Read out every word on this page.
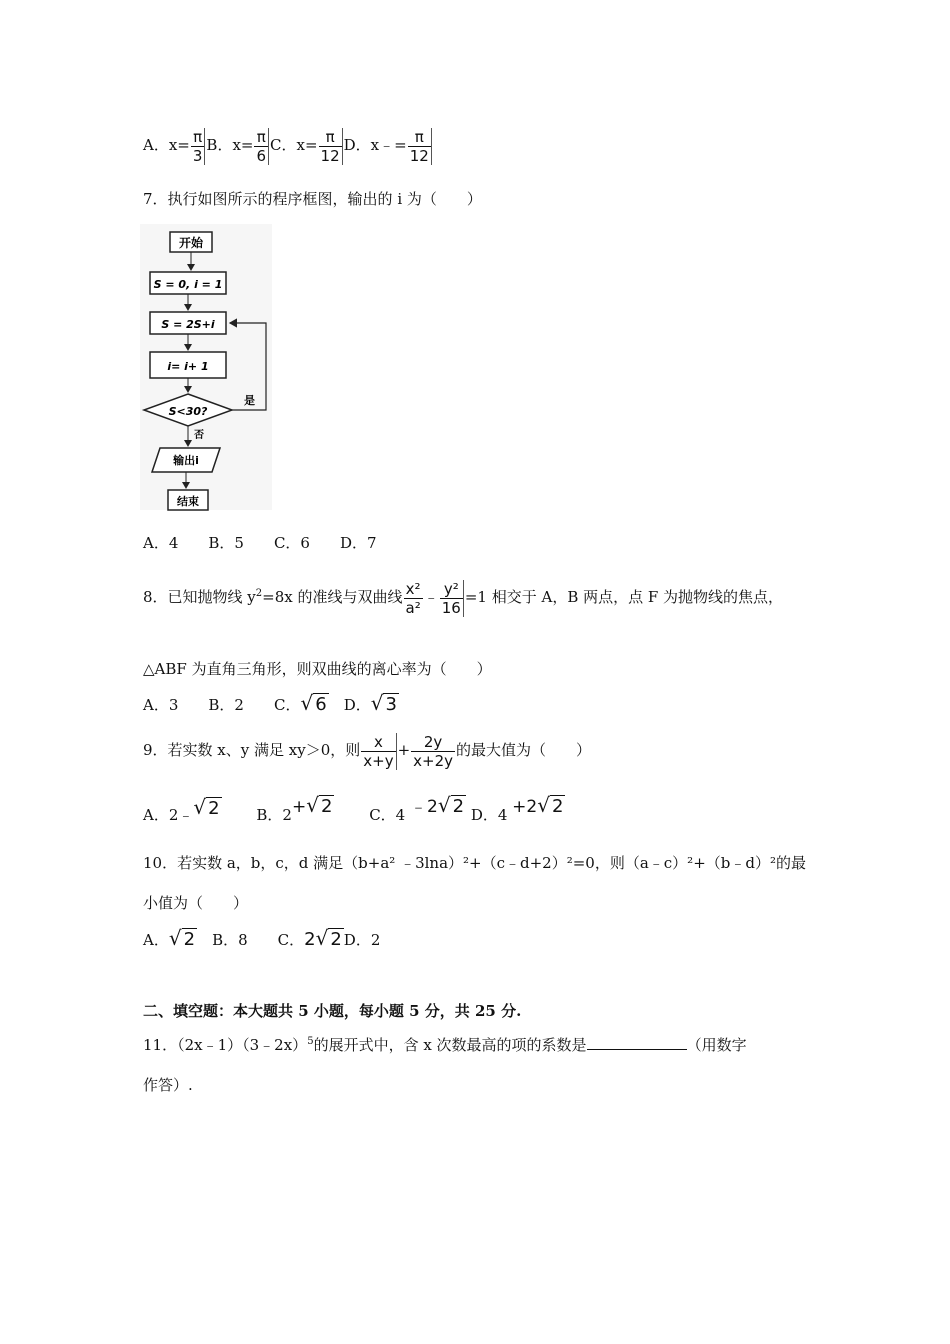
A．$x= \frac{\pi}{3}$ B．$x= \frac{\pi}{6}$ C．$x= \frac{\pi}{12}$ D．x﹣= $\frac{\pi}{12}$
7．执行如图所示的程序框图，输出的 i 为（　　）
开始
S = 0, i = 1
S = 2S+i
i= i+ 1
S<30?
是
否
输出i
结束
A．4　　B．5　　C．6　　D．7
8．已知抛物线 $y^2=8x$ 的准线与双曲线 $\frac{\text{x²}}{\text{a²}}$ ﹣ $\frac{\text{y²}}{16} =1$ 相交于 A，B 两点，点 F 为抛物线的焦点，
△ABF 为直角三角形，则双曲线的离心率为（　　）
A．3　　 B．2　　 C．√ 6　 D．√ 3
9．若实数 x、y 满足 xy＞0，则 $\frac{x}{x+y} + \frac{2y}{x+2y}$ 的最大值为（　　）
A．2﹣√ 2　　 B．2+√ 2　　 C．4 ﹣2√ 2 D．4 +2√ 2
10．若实数 a，b，c，d 满足（b+a² ﹣3lna）²+（c﹣d+2）²=0，则（a﹣c）²+（b﹣d）²的最
小值为（　　）
A．√ 2　 B．8　　 C．2√ 2 D．2
二、填空题：本大题共 5 小题，每小题 5 分，共 25 分.
11．（2x﹣1）（3﹣2x）$^5$的展开式中，含 x 次数最高的项的系数是	（用数字
作答）.
